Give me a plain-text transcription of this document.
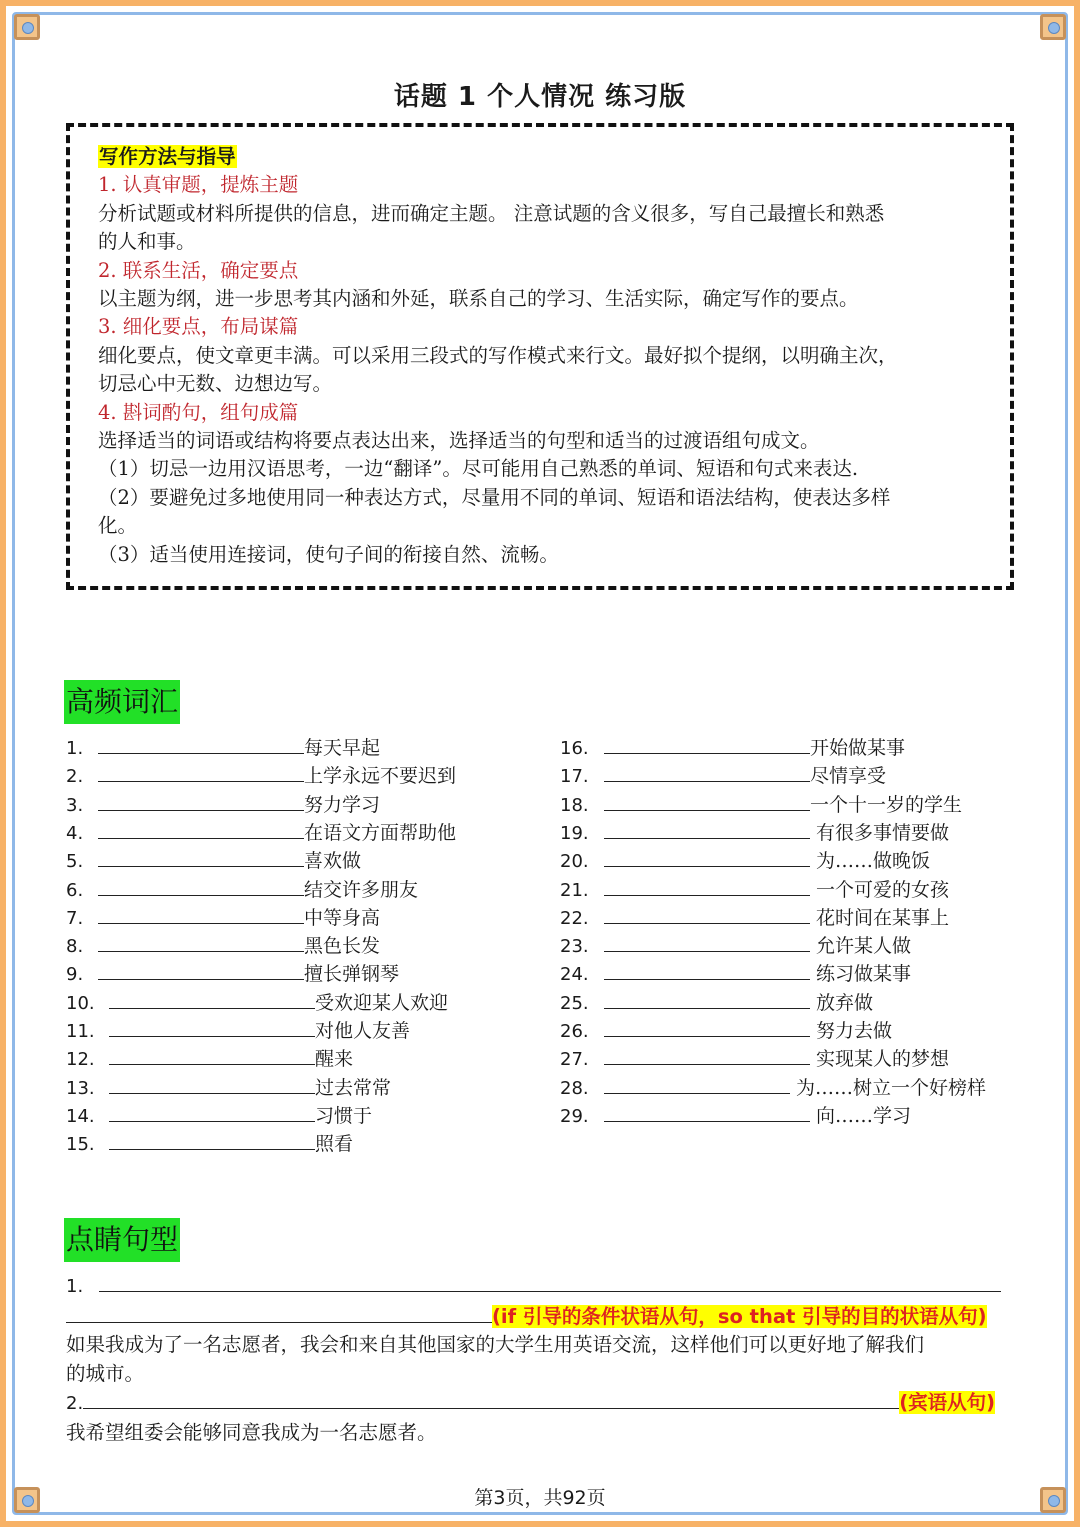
话题 1 个人情况 练习版
写作方法与指导
1. 认真审题，提炼主题
分析试题或材料所提供的信息，进而确定主题。 注意试题的含义很多，写自己最擅长和熟悉
的人和事。
2. 联系生活，确定要点
以主题为纲，进一步思考其内涵和外延，联系自己的学习、生活实际，确定写作的要点。
3. 细化要点，布局谋篇
细化要点，使文章更丰满。可以采用三段式的写作模式来行文。最好拟个提纲，以明确主次，
切忌心中无数、边想边写。
4. 斟词酌句，组句成篇
选择适当的词语或结构将要点表达出来，选择适当的句型和适当的过渡语组句成文。
（1）切忌一边用汉语思考，一边“翻译”。尽可能用自己熟悉的单词、短语和句式来表达.
（2）要避免过多地使用同一种表达方式，尽量用不同的单词、短语和语法结构，使表达多样
化。
（3）适当使用连接词，使句子间的衔接自然、流畅。
高频词汇
1.	每天早起
2.	上学永远不要迟到
3.	努力学习
4.	在语文方面帮助他
5.	喜欢做
6.	结交许多朋友
7.	中等身高
8.	黑色长发
9.	擅长弹钢琴
10.	受欢迎某人欢迎
11.	对他人友善
12.	醒来
13.	过去常常
14.	习惯于
15.	照看
16.	开始做某事
17.	尽情享受
18.	一个十一岁的学生
19.	有很多事情要做
20.	为……做晚饭
21.	一个可爱的女孩
22.	花时间在某事上
23.	允许某人做
24.	练习做某事
25.	放弃做
26.	努力去做
27.	实现某人的梦想
28.	为……树立一个好榜样
29.	向……学习
点睛句型
1.
(if 引导的条件状语从句，so that 引导的目的状语从句)
如果我成为了一名志愿者，我会和来自其他国家的大学生用英语交流，这样他们可以更好地了解我们
的城市。
2.	(宾语从句)
我希望组委会能够同意我成为一名志愿者。
第3页，共92页
